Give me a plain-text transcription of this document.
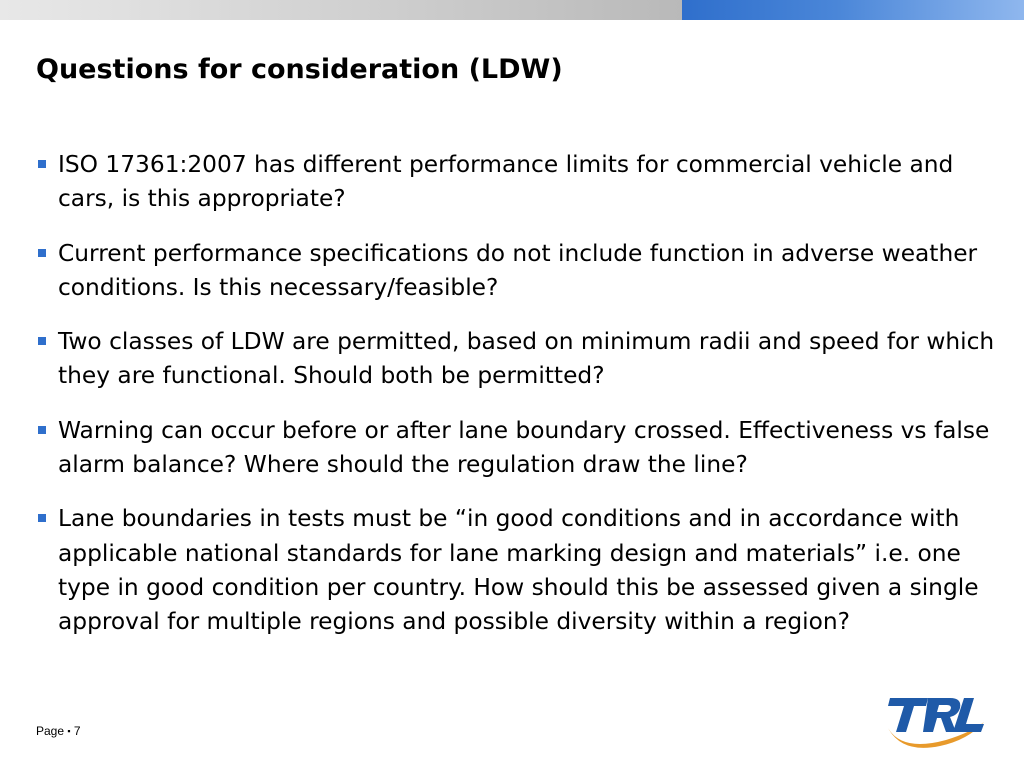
Questions for consideration (LDW)
ISO 17361:2007 has different performance limits for commercial vehicle and cars, is this appropriate?
Current performance specifications do not include function in adverse weather conditions. Is this necessary/feasible?
Two classes of LDW are permitted, based on minimum radii and speed for which they are functional. Should both be permitted?
Warning can occur before or after lane boundary crossed. Effectiveness vs false alarm balance? Where should the regulation draw the line?
Lane boundaries in tests must be “in good conditions and in accordance with applicable national standards for lane marking design and materials” i.e. one type in good condition per country. How should this be assessed given a single approval for multiple regions and possible diversity within a region?
Page ▪ 7
